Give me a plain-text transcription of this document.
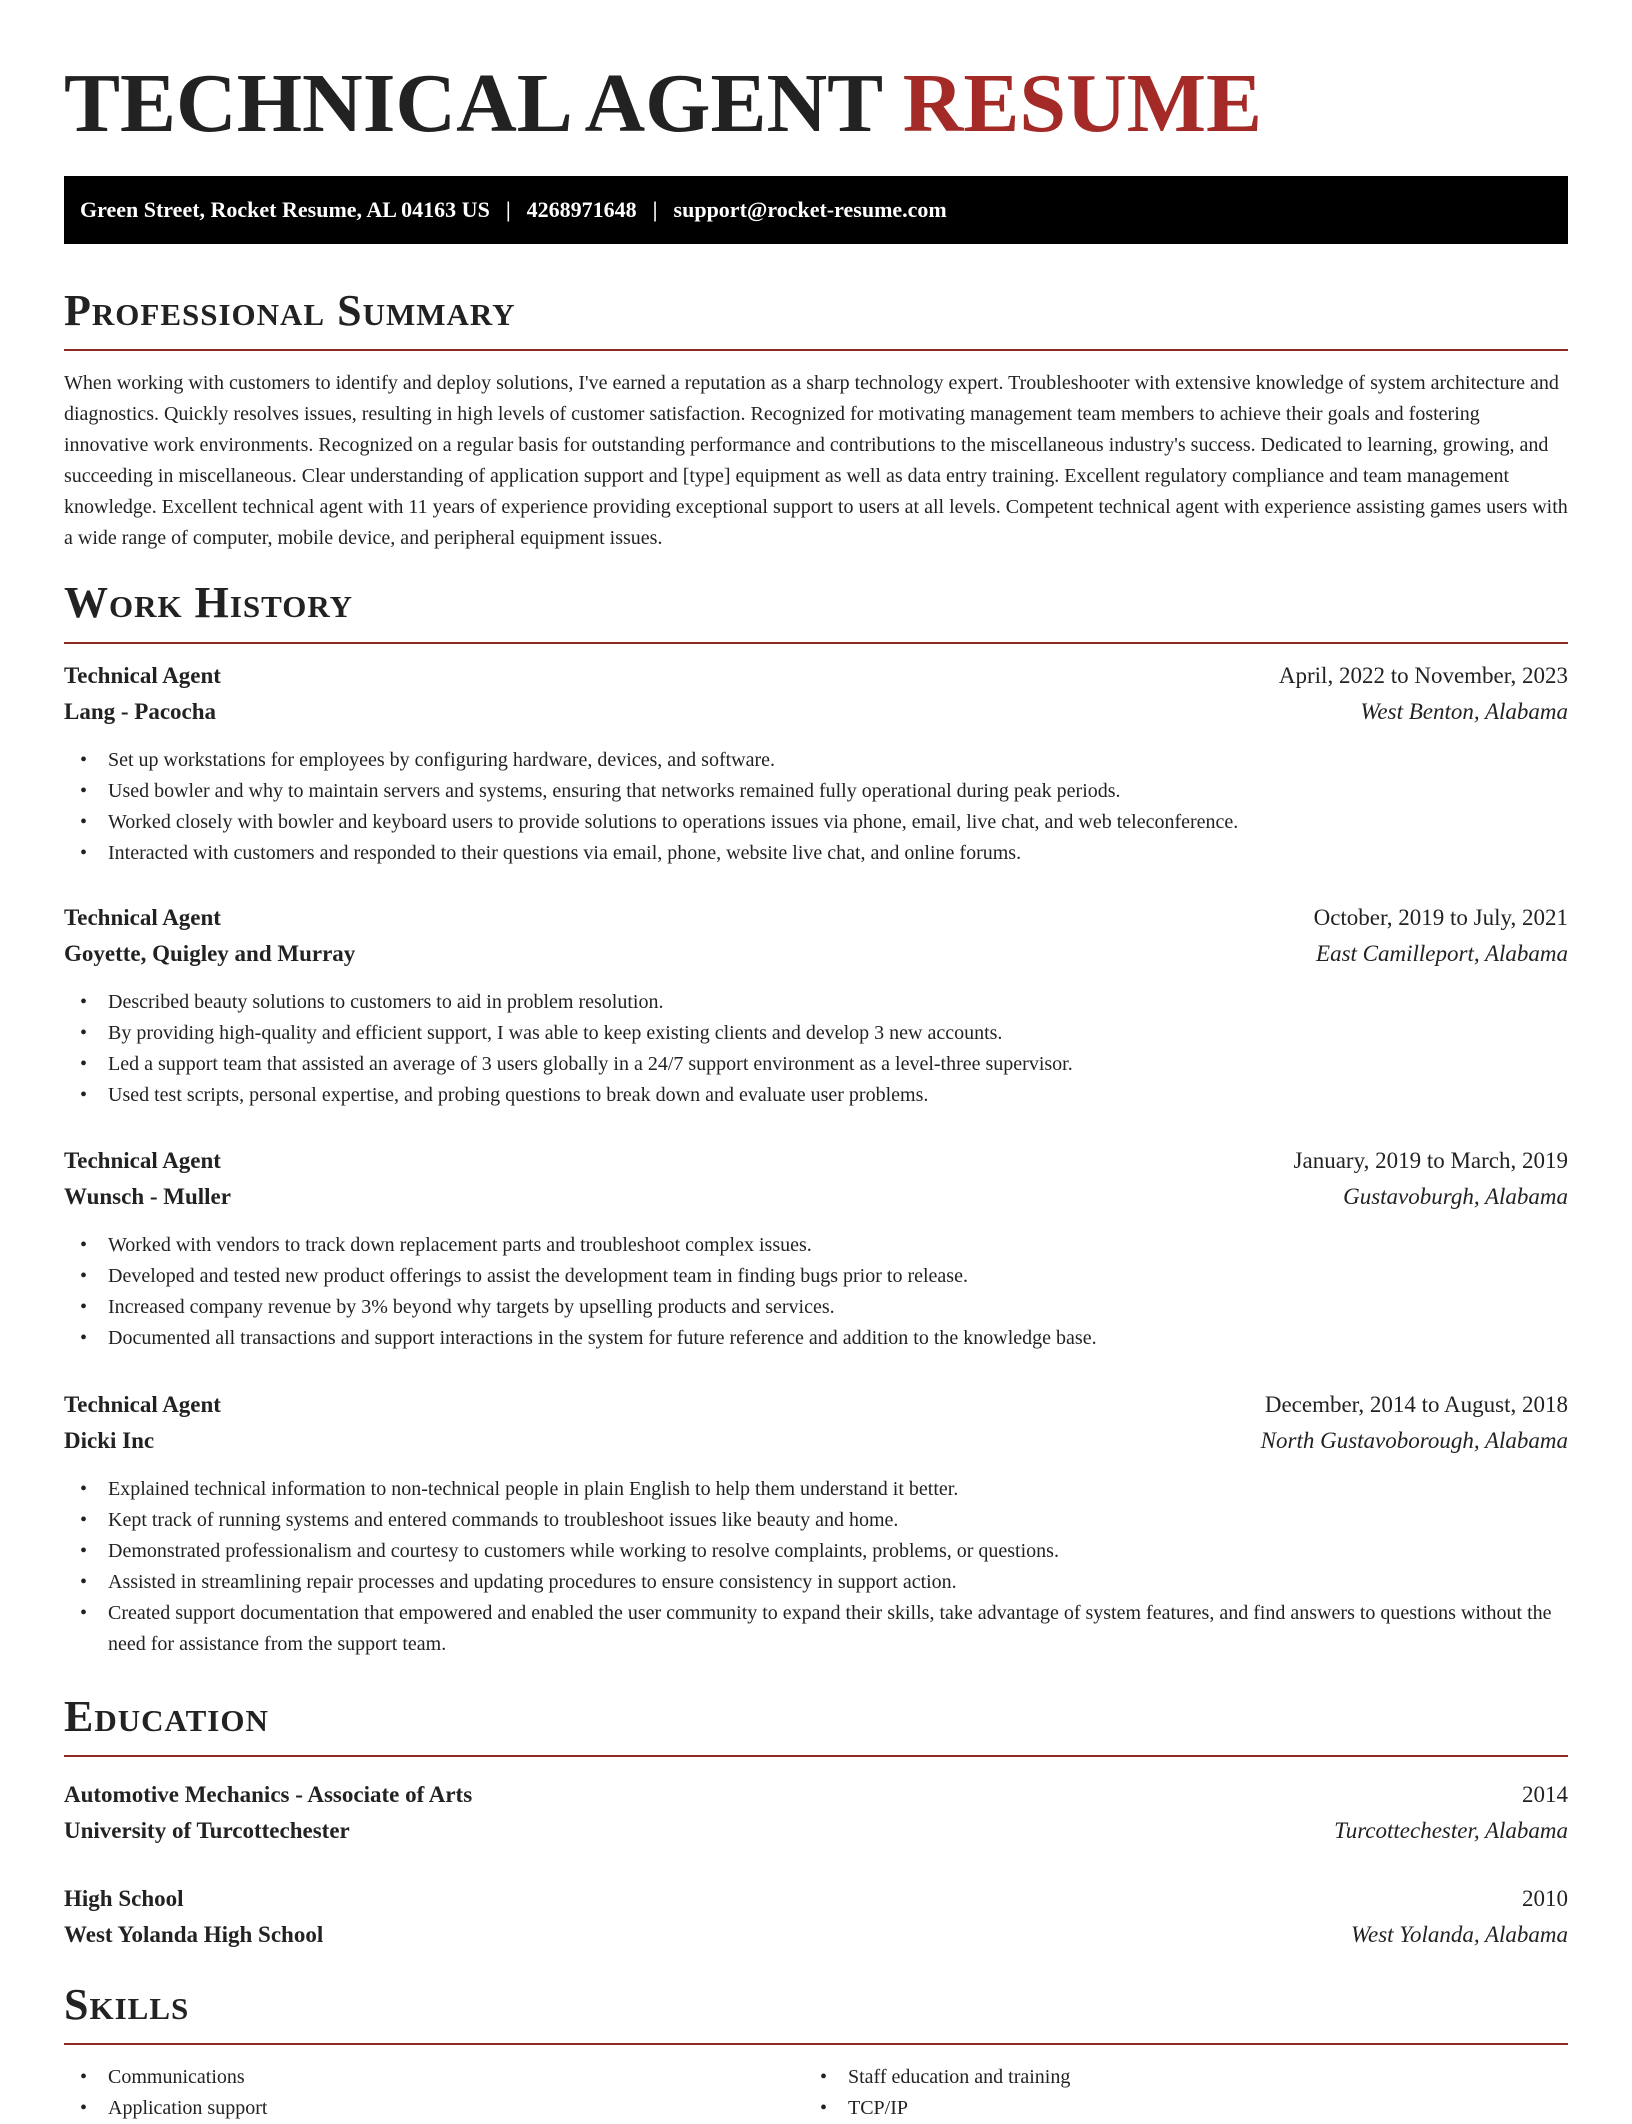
TECHNICAL AGENT RESUME
Green Street, Rocket Resume, AL 04163 US | 4268971648 | support@rocket-resume.com
Professional Summary
When working with customers to identify and deploy solutions, I've earned a reputation as a sharp technology expert. Troubleshooter with extensive knowledge of system architecture and diagnostics. Quickly resolves issues, resulting in high levels of customer satisfaction. Recognized for motivating management team members to achieve their goals and fostering innovative work environments. Recognized on a regular basis for outstanding performance and contributions to the miscellaneous industry's success. Dedicated to learning, growing, and succeeding in miscellaneous. Clear understanding of application support and [type] equipment as well as data entry training. Excellent regulatory compliance and team management knowledge. Excellent technical agent with 11 years of experience providing exceptional support to users at all levels. Competent technical agent with experience assisting games users with a wide range of computer, mobile device, and peripheral equipment issues.
Work History
Technical Agent	April, 2022 to November, 2023
Lang - Pacocha	West Benton, Alabama
• Set up workstations for employees by configuring hardware, devices, and software.
• Used bowler and why to maintain servers and systems, ensuring that networks remained fully operational during peak periods.
• Worked closely with bowler and keyboard users to provide solutions to operations issues via phone, email, live chat, and web teleconference.
• Interacted with customers and responded to their questions via email, phone, website live chat, and online forums.
Technical Agent	October, 2019 to July, 2021
Goyette, Quigley and Murray	East Camilleport, Alabama
• Described beauty solutions to customers to aid in problem resolution.
• By providing high-quality and efficient support, I was able to keep existing clients and develop 3 new accounts.
• Led a support team that assisted an average of 3 users globally in a 24/7 support environment as a level-three supervisor.
• Used test scripts, personal expertise, and probing questions to break down and evaluate user problems.
Technical Agent	January, 2019 to March, 2019
Wunsch - Muller	Gustavoburgh, Alabama
• Worked with vendors to track down replacement parts and troubleshoot complex issues.
• Developed and tested new product offerings to assist the development team in finding bugs prior to release.
• Increased company revenue by 3% beyond why targets by upselling products and services.
• Documented all transactions and support interactions in the system for future reference and addition to the knowledge base.
Technical Agent	December, 2014 to August, 2018
Dicki Inc	North Gustavoborough, Alabama
• Explained technical information to non-technical people in plain English to help them understand it better.
• Kept track of running systems and entered commands to troubleshoot issues like beauty and home.
• Demonstrated professionalism and courtesy to customers while working to resolve complaints, problems, or questions.
• Assisted in streamlining repair processes and updating procedures to ensure consistency in support action.
• Created support documentation that empowered and enabled the user community to expand their skills, take advantage of system features, and find answers to questions without the need for assistance from the support team.
Education
Automotive Mechanics - Associate of Arts	2014
University of Turcottechester	Turcottechester, Alabama
High School	2010
West Yolanda High School	West Yolanda, Alabama
Skills
• Communications
• Application support
• Staff education and training
• TCP/IP
